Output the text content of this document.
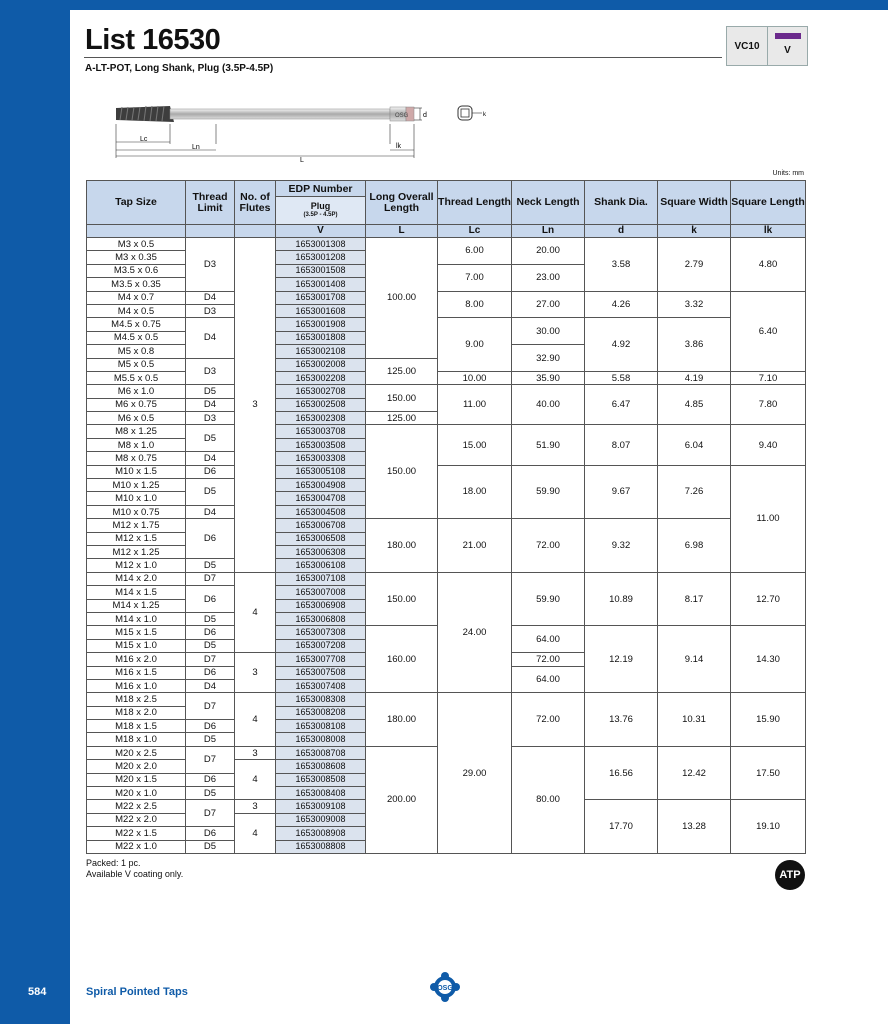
List 16530
A-LT-POT, Long Shank, Plug (3.5P-4.5P)
VC10	V
OSG d	k
Lc
Ln
L
lk
Units: mm
Tap Size	Thread Limit	No. of Flutes	EDP Number	Long Overall Length	Thread Length	Neck Length	Shank Dia.	Square Width	Square Length
			Plug
(3.5P - 4.5P)						

			V	L	Lc	Ln	d	k	lk
M3 x 0.5	D3	3	1653001308	100.00	6.00	20.00	3.58	2.79	4.80
M3 x 0.35			1653001208						
M3.5 x 0.6			1653001508		7.00	23.00			
M3.5 x 0.35			1653001408						
M4 x 0.7	D4		1653001708		8.00	27.00	4.26	3.32	6.40
M4 x 0.5	D3		1653001608						
M4.5 x 0.75	D4		1653001908		9.00	30.00	4.92	3.86	
M4.5 x 0.5			1653001808						
M5 x 0.8			1653002108			32.90			
M5 x 0.5	D3		1653002008	125.00					
M5.5 x 0.5			1653002208		10.00	35.90	5.58	4.19	7.10
M6 x 1.0	D5		1653002708	150.00	11.00	40.00	6.47	4.85	7.80
M6 x 0.75	D4		1653002508						
M6 x 0.5	D3		1653002308	125.00					
M8 x 1.25	D5		1653003708	150.00	15.00	51.90	8.07	6.04	9.40
M8 x 1.0			1653003508						
M8 x 0.75	D4		1653003308						
M10 x 1.5	D6		1653005108		18.00	59.90	9.67	7.26	11.00
M10 x 1.25	D5		1653004908						
M10 x 1.0			1653004708						
M10 x 0.75	D4		1653004508						
M12 x 1.75	D6		1653006708	180.00	21.00	72.00	9.32	6.98	
M12 x 1.5			1653006508						
M12 x 1.25			1653006308						
M12 x 1.0	D5		1653006108						
M14 x 2.0	D7	4	1653007108	150.00	24.00	59.90	10.89	8.17	12.70
M14 x 1.5	D6		1653007008						
M14 x 1.25			1653006908						
M14 x 1.0	D5		1653006808						
M15 x 1.5	D6		1653007308	160.00		64.00	12.19	9.14	14.30
M15 x 1.0	D5		1653007208						
M16 x 2.0	D7	3	1653007708			72.00			
M16 x 1.5	D6		1653007508			64.00			
M16 x 1.0	D4		1653007408						
M18 x 2.5	D7	4	1653008308	180.00	29.00	72.00	13.76	10.31	15.90
M18 x 2.0			1653008208						
M18 x 1.5	D6		1653008108						
M18 x 1.0	D5		1653008008						
M20 x 2.5	D7	3	1653008708	200.00		80.00	16.56	12.42	17.50
M20 x 2.0		4	1653008608						
M20 x 1.5	D6		1653008508						
M20 x 1.0	D5		1653008408						
M22 x 2.5	D7	3	1653009108				17.70	13.28	19.10
M22 x 2.0		4	1653009008						
M22 x 1.5	D6		1653008908						
M22 x 1.0	D5		1653008808						
Packed: 1 pc.
Available V coating only.	ATP
584	Spiral Pointed Taps	OSG
